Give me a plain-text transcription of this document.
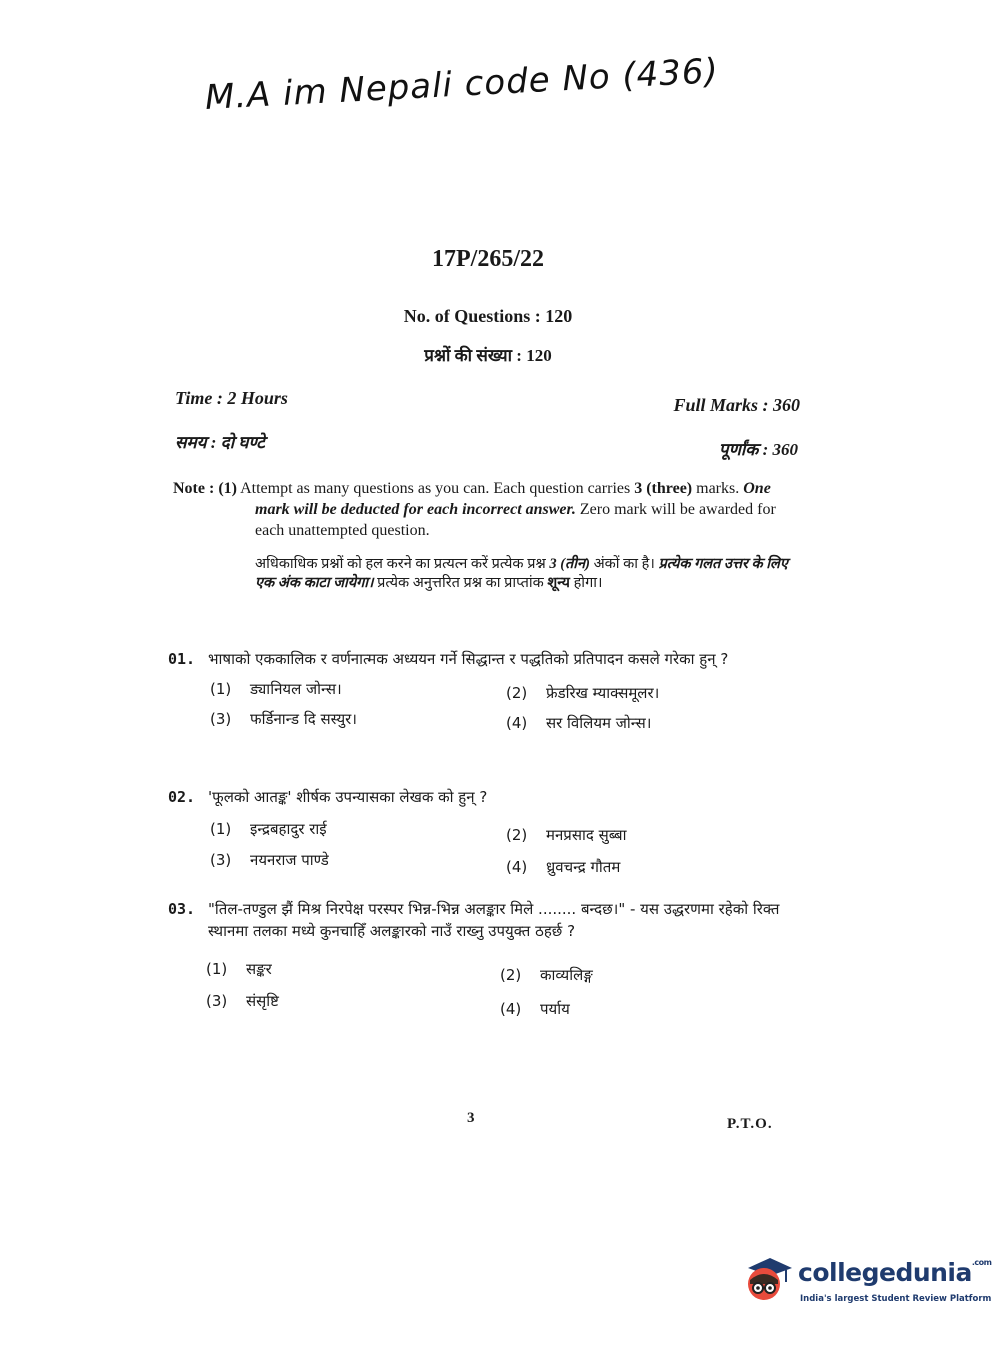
M.A im Nepali code No (436)
17P/265/22
No. of Questions : 120
प्रश्नों की संख्या : 120
Time : 2 Hours
समय : दो घण्टे
Full Marks : 360
पूर्णांक : 360
Note : (1) Attempt as many questions as you can. Each question carries 3 (three) marks. One mark will be deducted for each incorrect answer. Zero mark will be awarded for each unattempted question.
अधिकाधिक प्रश्नों को हल करने का प्रत्यत्न करें प्रत्येक प्रश्न 3 (तीन) अंकों का है। प्रत्येक गलत उत्तर के लिए एक अंक काटा जायेगा। प्रत्येक अनुत्तरित प्रश्न का प्राप्तांक शून्य होगा।
01. भाषाको एककालिक र वर्णनात्मक अध्ययन गर्ने सिद्धान्त र पद्धतिको प्रतिपादन कसले गरेका हुन् ?
(1) ड्यानियल जोन्स।	(2) फ्रेडरिख म्याक्समूलर।
(3) फर्डिनान्ड दि सस्युर।	(4) सर विलियम जोन्स।
02. 'फूलको आतङ्क' शीर्षक उपन्यासका लेखक को हुन् ?
(1) इन्द्रबहादुर राई	(2) मनप्रसाद सुब्बा
(3) नयनराज पाण्डे	(4) ध्रुवचन्द्र गौतम
03. "तिल-तण्डुल झैं मिश्र निरपेक्ष परस्पर भिन्न-भिन्न अलङ्कार मिले ........ बन्दछ।" - यस उद्धरणमा रहेको रिक्त स्थानमा तलका मध्ये कुनचाहिँ अलङ्कारको नाउँ राख्नु उपयुक्त ठहर्छ ?
(1) सङ्कर	(2) काव्यलिङ्ग
(3) संसृष्टि	(4) पर्याय
3	P.T.O.
collegedunia$^{.com}$
India's largest Student Review Platform
